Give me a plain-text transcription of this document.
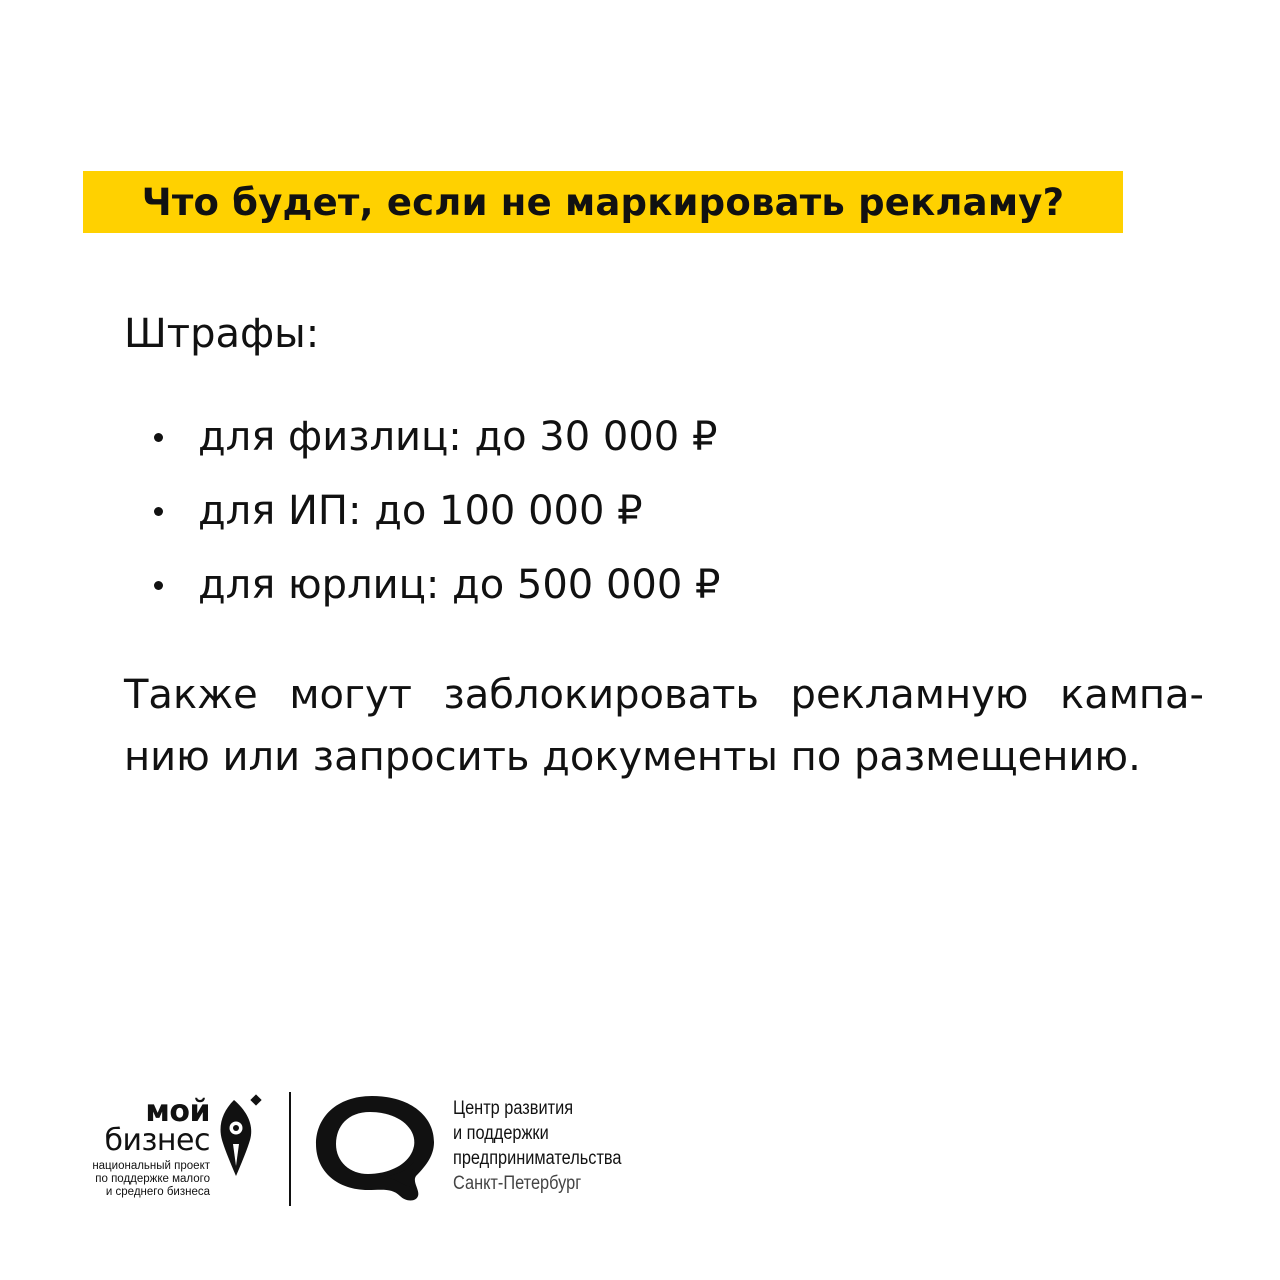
Что будет, если не маркировать рекламу?
Штрафы:
для физлиц: до 30 000 ₽
для ИП: до 100 000 ₽
для юрлиц: до 500 000 ₽
Также могут заблокировать рекламную кампа-
нию или запросить документы по размещению.
мой
бизнес
национальный проект
по поддержке малого
и среднего бизнеса
Центр развития
и поддержки
предпринимательства
Санкт-Петербург
